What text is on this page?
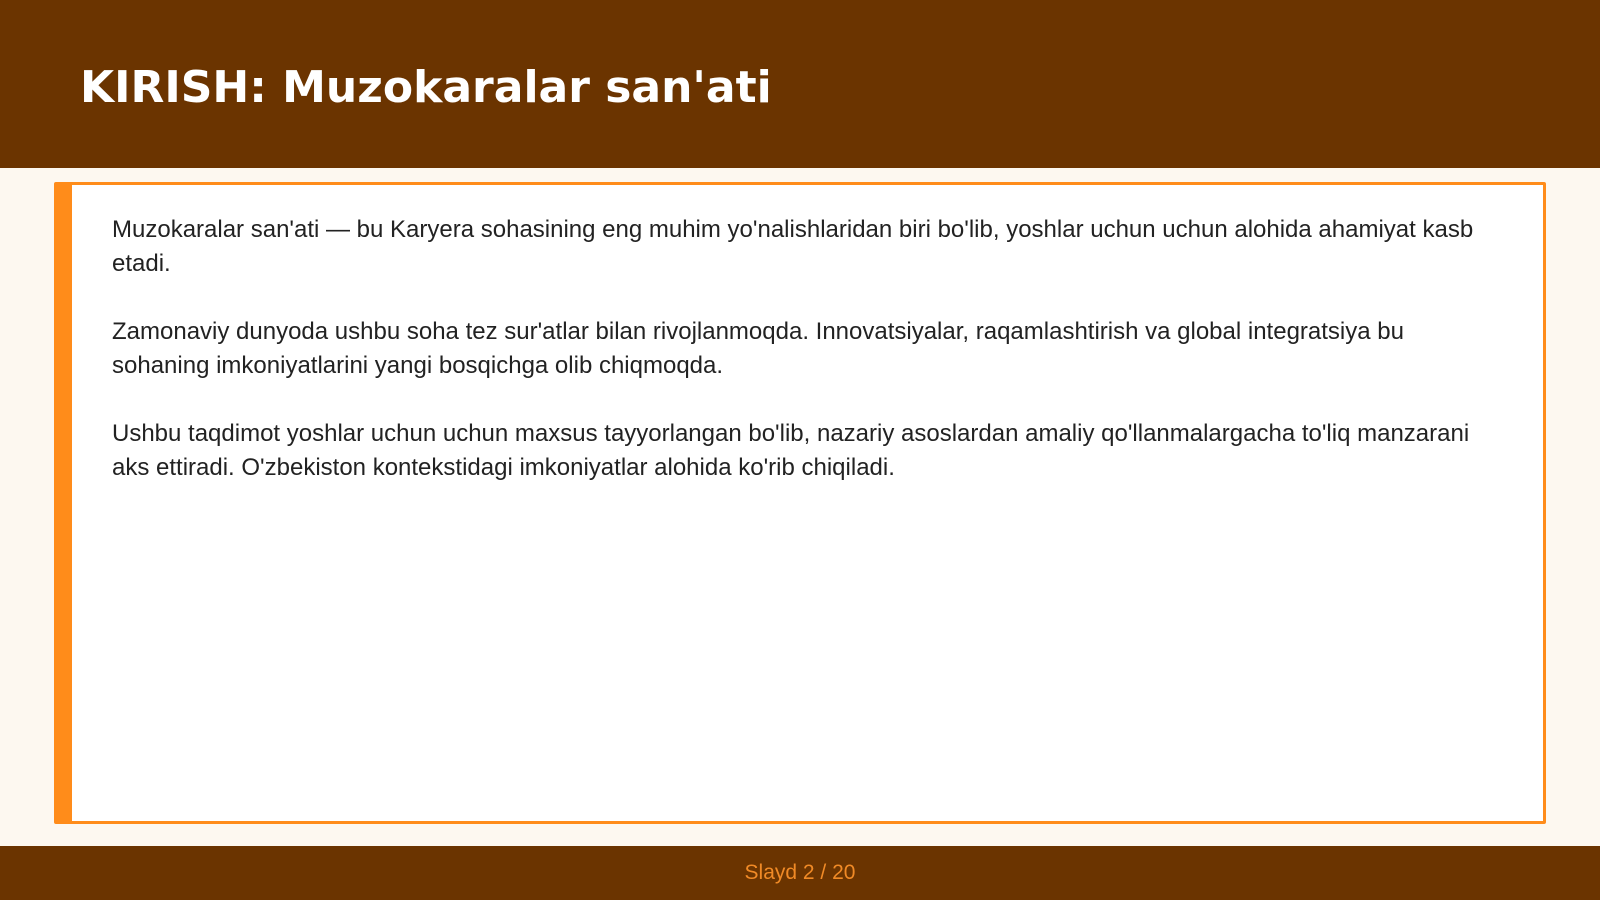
KIRISH: Muzokaralar san'ati

Muzokaralar san'ati — bu Karyera sohasining eng muhim yo'nalishlaridan biri bo'lib, yoshlar uchun uchun alohida ahamiyat kasb etadi.

Zamonaviy dunyoda ushbu soha tez sur'atlar bilan rivojlanmoqda. Innovatsiyalar, raqamlashtirish va global integratsiya bu sohaning imkoniyatlarini yangi bosqichga olib chiqmoqda.

Ushbu taqdimot yoshlar uchun uchun maxsus tayyorlangan bo'lib, nazariy asoslardan amaliy qo'llanmalargacha to'liq manzarani aks ettiradi. O'zbekiston kontekstidagi imkoniyatlar alohida ko'rib chiqiladi.

Slayd 2 / 20
